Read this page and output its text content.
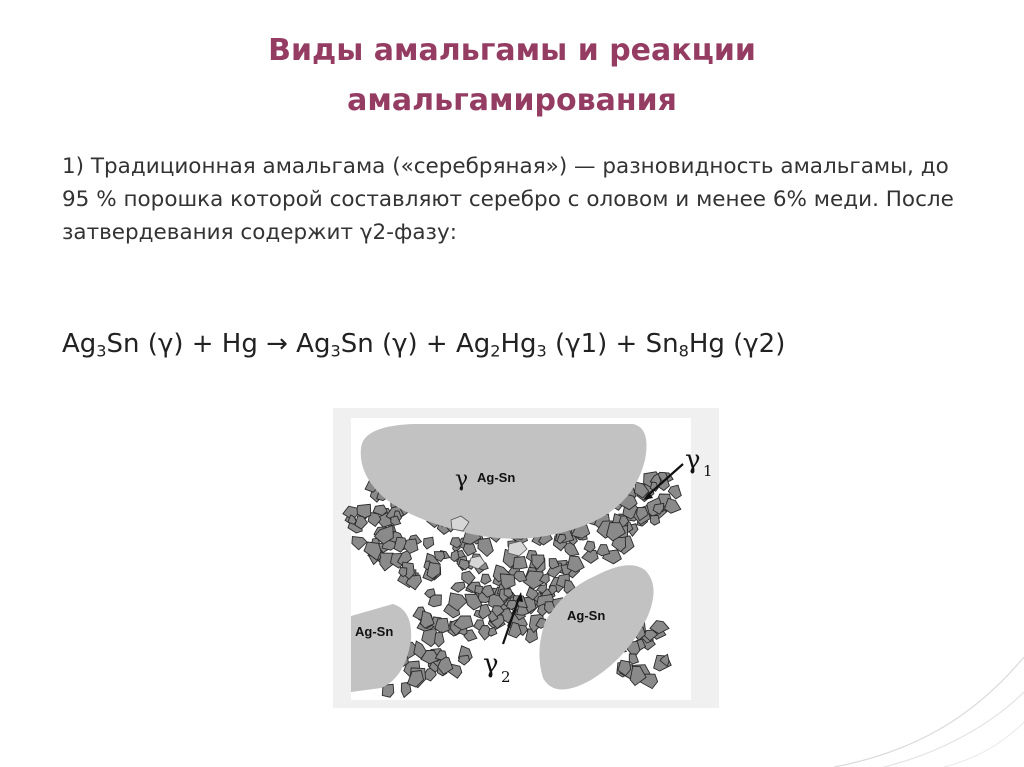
Виды амальгамы и реакции
амальгамирования
1) Традиционная амальгама («серебряная») — разновидность амальгамы, до 95 % порошка которой составляют серебро с оловом и менее 6% меди. После затвердевания содержит γ2-фазу:
$Ag_3Sn$ $(\gamma) + Hg \to Ag_3Sn$ $(\gamma) + Ag_2Hg_3$ $(\gamma 1) + Sn_8Hg$ (γ2)
γ Ag-Sn
Ag-Sn
Ag-Sn
γ 1
γ 2
